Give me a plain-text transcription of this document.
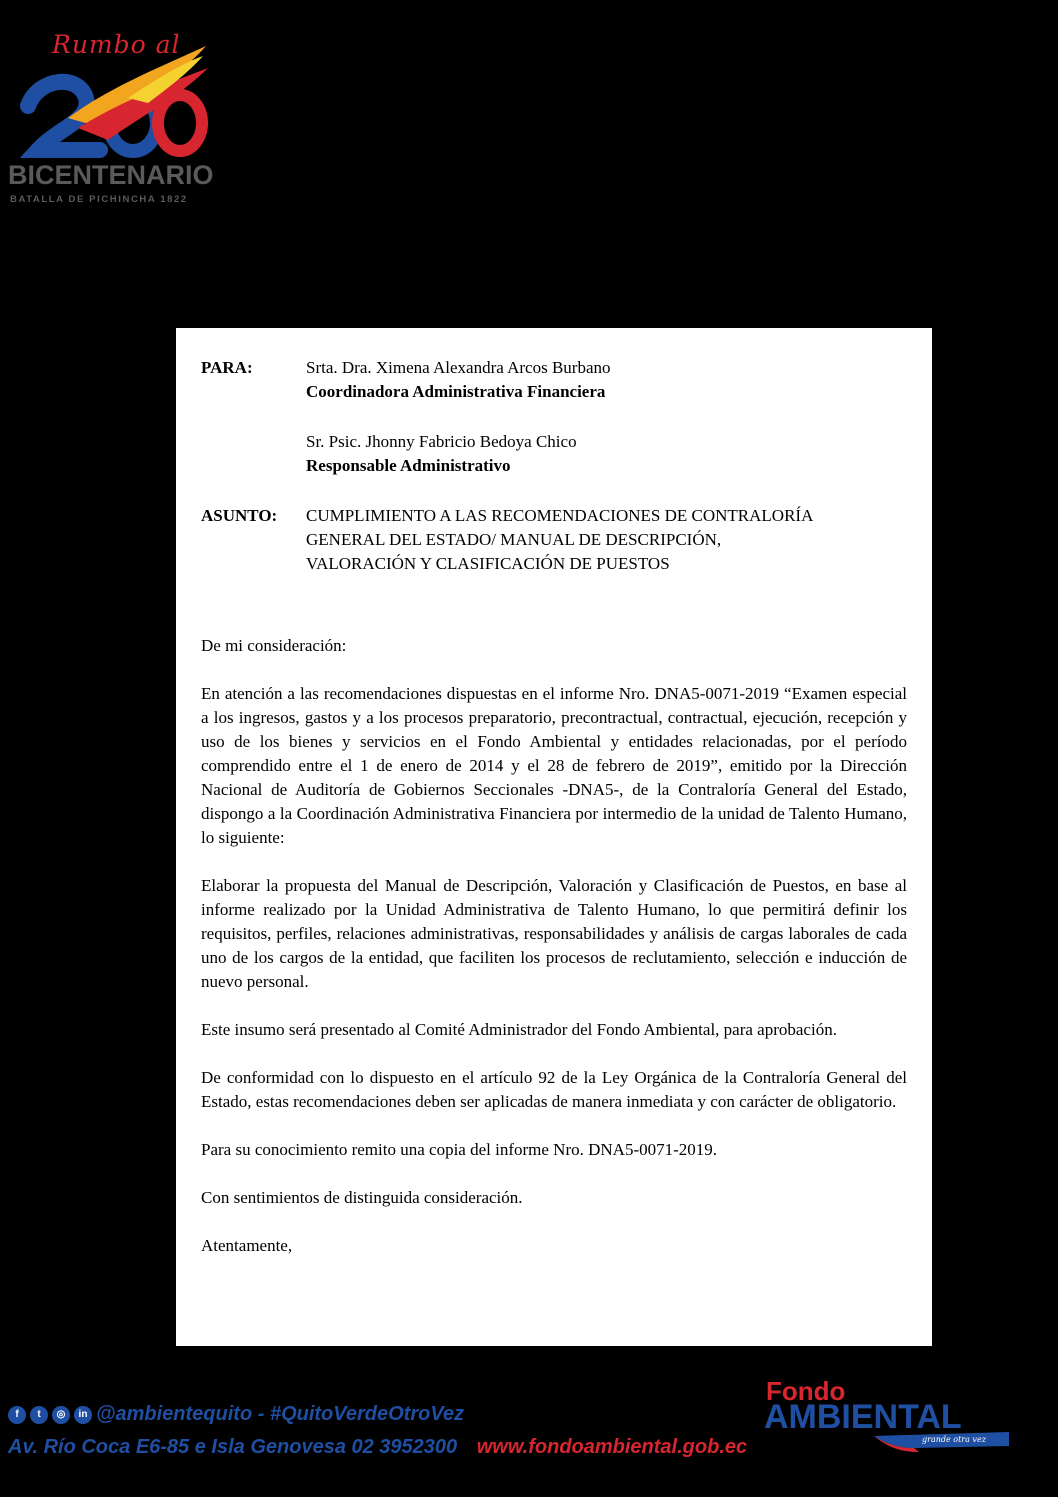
Rumbo al
BICENTENARIO
BATALLA DE PICHINCHA 1822
PARA:	Srta. Dra. Ximena Alexandra Arcos Burbano
Coordinadora Administrativa Financiera
Sr. Psic. Jhonny Fabricio Bedoya Chico
Responsable Administrativo
ASUNTO:	CUMPLIMIENTO A LAS RECOMENDACIONES DE CONTRALORÍA
GENERAL DEL ESTADO/ MANUAL DE DESCRIPCIÓN,
VALORACIÓN Y CLASIFICACIÓN DE PUESTOS

De mi consideración:

En atención a las recomendaciones dispuestas en el informe Nro. DNA5-0071-2019 “Examen especial a los ingresos, gastos y a los procesos preparatorio, precontractual, contractual, ejecución, recepción y uso de los bienes y servicios en el Fondo Ambiental y entidades relacionadas, por el período comprendido entre el 1 de enero de 2014 y el 28 de febrero de 2019”, emitido por la Dirección Nacional de Auditoría de Gobiernos Seccionales -DNA5-, de la Contraloría General del Estado, dispongo a la Coordinación Administrativa Financiera por intermedio de la unidad de Talento Humano, lo siguiente:

Elaborar la propuesta del Manual de Descripción, Valoración y Clasificación de Puestos, en base al informe realizado por la Unidad Administrativa de Talento Humano, lo que permitirá definir los requisitos, perfiles, relaciones administrativas, responsabilidades y análisis de cargas laborales de cada uno de los cargos de la entidad, que faciliten los procesos de reclutamiento, selección e inducción de nuevo personal.

Este insumo será presentado al Comité Administrador del Fondo Ambiental, para aprobación.

De conformidad con lo dispuesto en el artículo 92 de la Ley Orgánica de la Contraloría General del Estado, estas recomendaciones deben ser aplicadas de manera inmediata y con carácter de obligatorio.

Para su conocimiento remito una copia del informe Nro. DNA5-0071-2019.

Con sentimientos de distinguida consideración.

Atentamente,

f	t	◎	in @ambientequito - #QuitoVerdeOtroVez
Av. Río Coca E6-85 e Isla Genovesa 02 3952300 www.fondoambiental.gob.ec
Fondo
AMBIENTAL
grande otra vez
